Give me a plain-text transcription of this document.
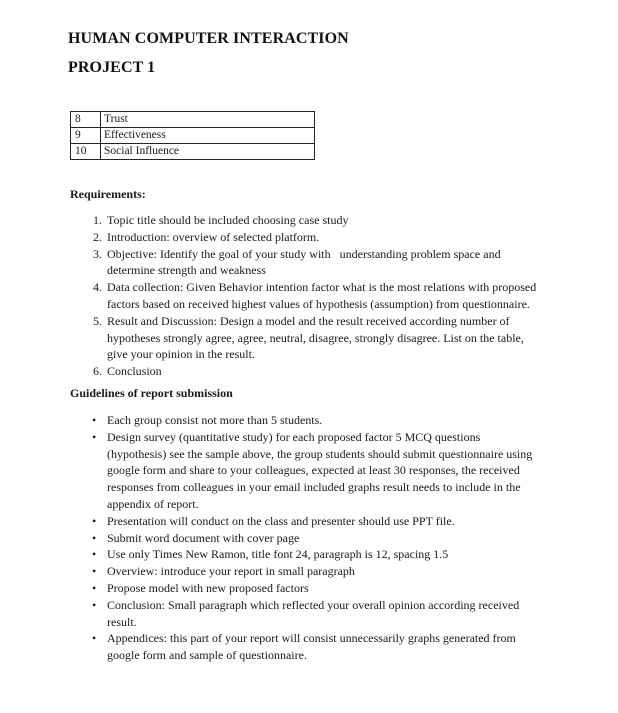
HUMAN COMPUTER INTERACTION
PROJECT 1
8	Trust
9	Effectiveness
10	Social Influence
Requirements:
1. Topic title should be included choosing case study
2. Introduction: overview of selected platform.
3. Objective: Identify the goal of your study with   understanding problem space and
determine strength and weakness
4. Data collection: Given Behavior intention factor what is the most relations with proposed
factors based on received highest values of hypothesis (assumption) from questionnaire.
5. Result and Discussion: Design a model and the result received according number of
hypotheses strongly agree, agree, neutral, disagree, strongly disagree. List on the table,
give your opinion in the result.
6. Conclusion
Guidelines of report submission
• Each group consist not more than 5 students.
• Design survey (quantitative study) for each proposed factor 5 MCQ questions
(hypothesis) see the sample above, the group students should submit questionnaire using
google form and share to your colleagues, expected at least 30 responses, the received
responses from colleagues in your email included graphs result needs to include in the
appendix of report.
• Presentation will conduct on the class and presenter should use PPT file.
• Submit word document with cover page
• Use only Times New Ramon, title font 24, paragraph is 12, spacing 1.5
• Overview: introduce your report in small paragraph
• Propose model with new proposed factors
• Conclusion: Small paragraph which reflected your overall opinion according received
result.
• Appendices: this part of your report will consist unnecessarily graphs generated from
google form and sample of questionnaire.
